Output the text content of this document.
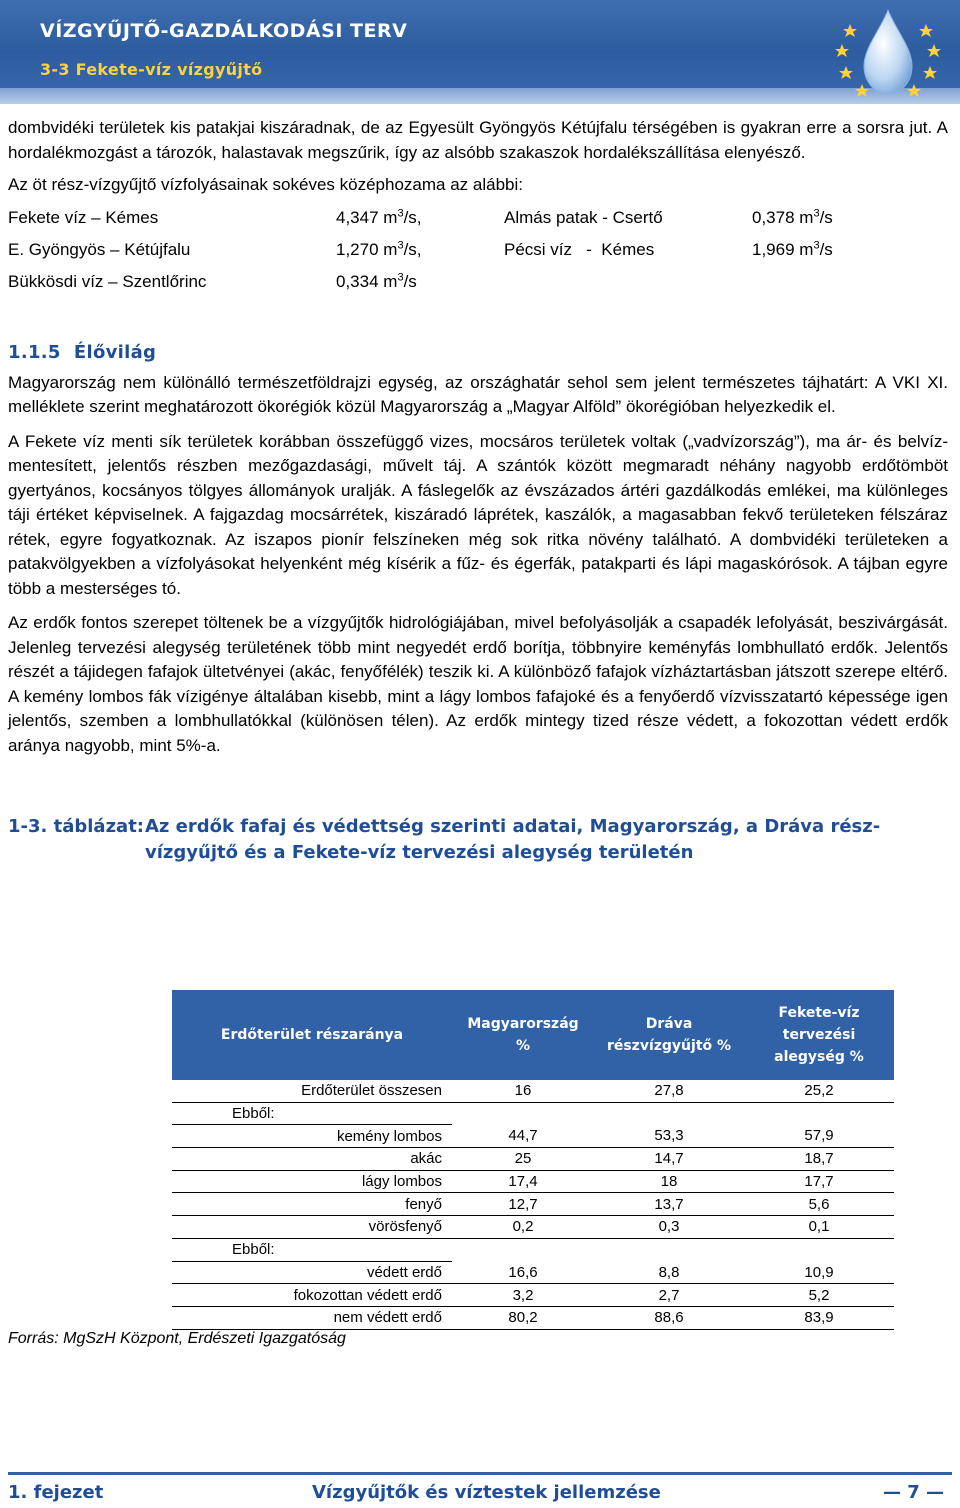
VÍZGYŰJTŐ-GAZDÁLKODÁSI TERV
3-3 Fekete-víz vízgyűjtő

dombvidéki területek kis patakjai kiszáradnak, de az Egyesült Gyöngyös Kétújfalu térségében is gyakran erre a sorsra jut. A hordalékmozgást a tározók, halastavak megszűrik, így az alsóbb szakaszok hordalékszállítása elenyésző.

Az öt rész-vízgyűjtő vízfolyásainak sokéves középhozama az alábbi:

Fekete víz – Kémes	4,347 $m^3/s$,	Almás patak - Csertő	0,378 $m^3/s$
E. Gyöngyös – Kétújfalu	1,270 $m^3/s$,	Pécsi víz   -  Kémes	1,969 $m^3/s$
Bükkösdi víz – Szentlőrinc	0,334 $m^3/s$
1.1.5  Élővilág

Magyarország nem különálló természetföldrajzi egység, az országhatár sehol sem jelent természetes tájhatárt: A VKI XI. melléklete szerint meghatározott ökorégiók közül Magyarország a „Magyar Alföld” ökorégióban helyezkedik el.

A Fekete víz menti sík területek korábban összefüggő vizes, mocsáros területek voltak („vadvízország”), ma ár- és belvíz-mentesített, jelentős részben mezőgazdasági, művelt táj. A szántók között megmaradt néhány nagyobb erdőtömböt gyertyános, kocsányos tölgyes állományok uralják. A fáslegelők az évszázados ártéri gazdálkodás emlékei, ma különleges táji értéket képviselnek. A fajgazdag mocsárrétek, kiszáradó láprétek, kaszálók, a magasabban fekvő területeken félszáraz rétek, egyre fogyatkoznak. Az iszapos pionír felszíneken még sok ritka növény található. A dombvidéki területeken a patakvölgyekben a vízfolyásokat helyenként még kísérik a fűz- és égerfák, patakparti és lápi magaskórósok. A tájban egyre több a mesterséges tó.

Az erdők fontos szerepet töltenek be a vízgyűjtők hidrológiájában, mivel befolyásolják a csapadék lefolyását, beszivárgását. Jelenleg tervezési alegység területének több mint negyedét erdő borítja, többnyire keményfás lombhullató erdők. Jelentős részét a tájidegen fafajok ültetvényei (akác, fenyőfélék) teszik ki. A különböző fafajok vízháztartásban játszott szerepe eltérő. A kemény lombos fák vízigénye általában kisebb, mint a lágy lombos fafajoké és a fenyőerdő vízvisszatartó képessége igen jelentős, szemben a lombhullatókkal (különösen télen). Az erdők mintegy tized része védett, a fokozottan védett erdők aránya nagyobb, mint 5%-a.

1-3. táblázat:Az erdők fafaj és védettség szerinti adatai, Magyarország, a Dráva rész-vízgyűjtő és a Fekete-víz tervezési alegység területén
Erdőterület részaránya	Magyarország %	Dráva részvízgyűjtő %	Fekete-víz tervezési alegység %
Erdőterület összesen	16	27,8	25,2
Ebből:			
kemény lombos	44,7	53,3	57,9
akác	25	14,7	18,7
lágy lombos	17,4	18	17,7
fenyő	12,7	13,7	5,6
vörösfenyő	0,2	0,3	0,1
Ebből:			
védett erdő	16,6	8,8	10,9
fokozottan védett erdő	3,2	2,7	5,2
nem védett erdő	80,2	88,6	83,9
Forrás: MgSzH Központ, Erdészeti Igazgatóság
1. fejezet	Vízgyűjtők és víztestek jellemzése	— 7 —
